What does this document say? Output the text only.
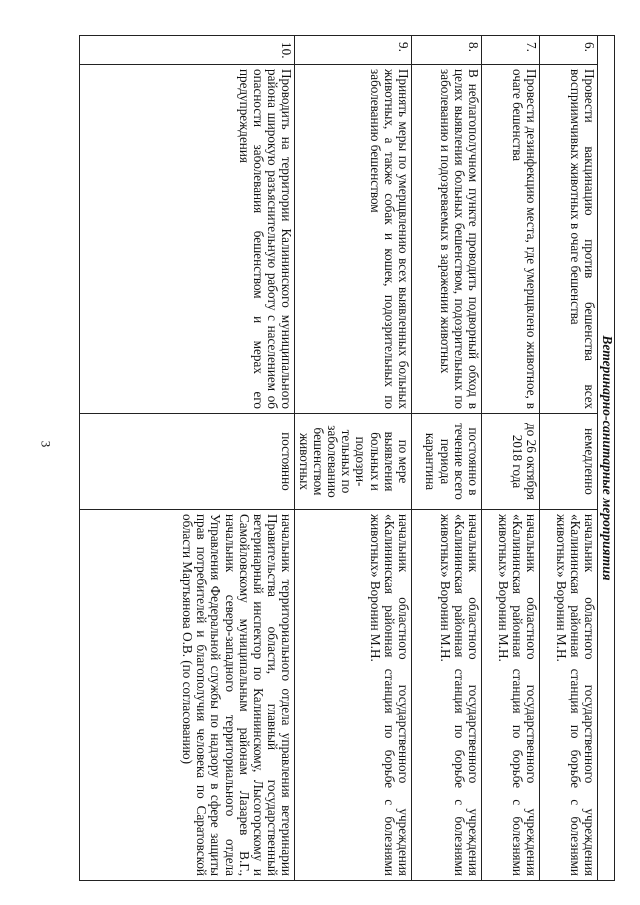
3	Ветеринарно-санитарные мероприятия			
6.	Провести вакцинацию против бешенства всех восприимчивых животных в очаге бешенства	немедленно	начальник областного государственного учреждения «Калининская районная станция по борьбе с болезнями животных» Воронин М.Н.
7.	Провести дезинфекцию места, где умерщвлено животное, в очаге бешенства	до 26 октября 2018 года	начальник областного государственного учреждения «Калининская районная станция по борьбе с болезнями животных» Воронин М.Н.
8.	В неблагополучном пункте проводить подворный обход в целях выявления больных бешенством, подозрительных по заболеванию и подозреваемых в заражении животных	постоянно в течение всего периода карантина	начальник областного государственного учреждения «Калининская районная станция по борьбе с болезнями животных» Воронин М.Н.
9.	Принять меры по умерщвлению всех выявленных больных животных, а также собак и кошек, подозрительных по заболеванию бешенством	по мере выявления больных и подозри-тельных по заболеванию бешенством животных	начальник областного государственного учреждения «Калининская районная станция по борьбе с болезнями животных» Воронин М.Н.
10.	Проводить на территории Калининского муниципального района широкую разъяснительную работу с населением об опасности заболевания бешенством и мерах его предупреждения	постоянно	начальник территориального отдела управления ветеринарии Правительства области, главный государственный ветеринарный инспектор по Калининскому, Лысогорскому и Самойловскому муниципальным районам Лазарев В.Г., начальник северо-западного территориального отдела Управления Федеральной службы по надзору в сфере защиты прав потребителей и благополучия человека по Саратовской области Мартьянова О.В. (по согласованию)
